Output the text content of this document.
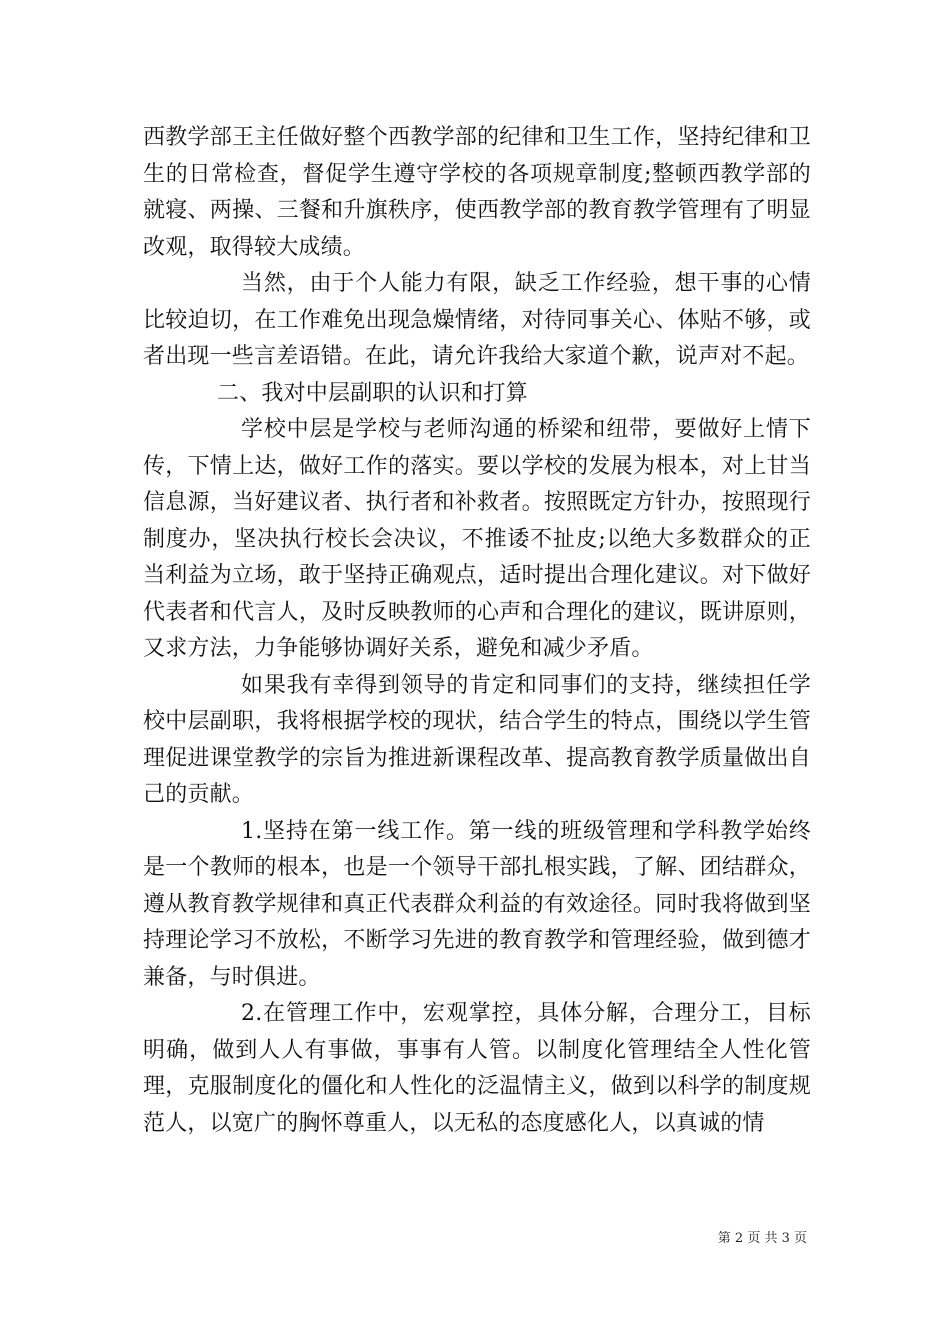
西教学部王主任做好整个西教学部的纪律和卫生工作，坚持纪律和卫生的日常检查，督促学生遵守学校的各项规章制度;整顿西教学部的就寝、两操、三餐和升旗秩序，使西教学部的教育教学管理有了明显改观，取得较大成绩。

当然，由于个人能力有限，缺乏工作经验，想干事的心情比较迫切，在工作难免出现急燥情绪，对待同事关心、体贴不够，或者出现一些言差语错。在此，请允许我给大家道个歉，说声对不起。

二、我对中层副职的认识和打算

学校中层是学校与老师沟通的桥梁和纽带，要做好上情下传，下情上达，做好工作的落实。要以学校的发展为根本，对上甘当信息源，当好建议者、执行者和补救者。按照既定方针办，按照现行制度办，坚决执行校长会决议，不推诿不扯皮;以绝大多数群众的正当利益为立场，敢于坚持正确观点，适时提出合理化建议。对下做好代表者和代言人，及时反映教师的心声和合理化的建议，既讲原则，又求方法，力争能够协调好关系，避免和减少矛盾。

如果我有幸得到领导的肯定和同事们的支持，继续担任学校中层副职，我将根据学校的现状，结合学生的特点，围绕以学生管理促进课堂教学的宗旨为推进新课程改革、提高教育教学质量做出自己的贡献。

1.坚持在第一线工作。第一线的班级管理和学科教学始终是一个教师的根本，也是一个领导干部扎根实践，了解、团结群众，遵从教育教学规律和真正代表群众利益的有效途径。同时我将做到坚持理论学习不放松，不断学习先进的教育教学和管理经验，做到德才兼备，与时俱进。

2.在管理工作中，宏观掌控，具体分解，合理分工，目标明确，做到人人有事做，事事有人管。以制度化管理结全人性化管理，克服制度化的僵化和人性化的泛温情主义，做到以科学的制度规范人，以宽广的胸怀尊重人，以无私的态度感化人，以真诚的情

第 2 页 共 3 页
